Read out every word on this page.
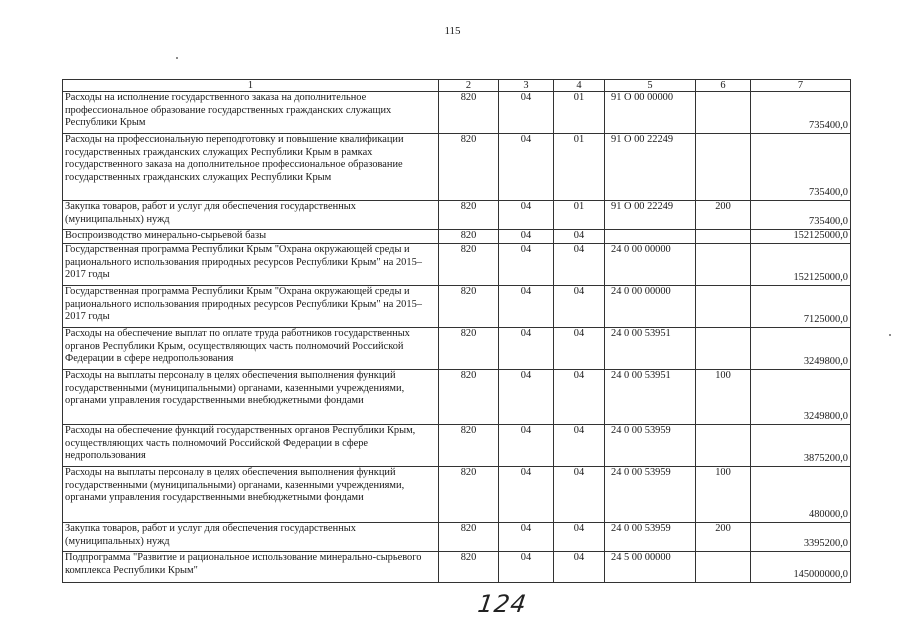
115
1	2	3	4	5	6	7
Расходы на исполнение государственного заказа на дополнительное профессиональное образование государственных гражданских служащих Республики Крым	820	04	01	91 О 00 00000		735400,0
Расходы на профессиональную переподготовку и повышение квалификации государственных гражданских служащих Республики Крым в рамках государственного заказа на дополнительное профессиональное образование государственных гражданских служащих Республики Крым	820	04	01	91 О 00 22249		735400,0
Закупка товаров, работ и услуг для обеспечения государственных (муниципальных) нужд	820	04	01	91 О 00 22249	200	735400,0
Воспроизводство минерально-сырьевой базы	820	04	04			152125000,0
Государственная программа Республики Крым "Охрана окружающей среды и рационального использования природных ресурсов Республики Крым" на 2015–2017 годы	820	04	04	24 0 00 00000		152125000,0
Государственная программа Республики Крым "Охрана окружающей среды и рационального использования природных ресурсов Республики Крым" на 2015–2017 годы	820	04	04	24 0 00 00000		7125000,0
Расходы на обеспечение выплат по оплате труда работников государственных органов Республики Крым, осуществляющих часть полномочий Российской Федерации в сфере недропользования	820	04	04	24 0 00 53951		3249800,0
Расходы на выплаты персоналу в целях обеспечения выполнения функций государственными (муниципальными) органами, казенными учреждениями, органами управления государственными внебюджетными фондами	820	04	04	24 0 00 53951	100	3249800,0
Расходы на обеспечение функций государственных органов Республики Крым, осуществляющих часть полномочий Российской Федерации в сфере недропользования	820	04	04	24 0 00 53959		3875200,0
Расходы на выплаты персоналу в целях обеспечения выполнения функций государственными (муниципальными) органами, казенными учреждениями, органами управления государственными внебюджетными фондами	820	04	04	24 0 00 53959	100	480000,0
Закупка товаров, работ и услуг для обеспечения государственных (муниципальных) нужд	820	04	04	24 0 00 53959	200	3395200,0
Подпрограмма "Развитие и рациональное использование минерально-сырьевого комплекса Республики Крым"	820	04	04	24 5 00 00000		145000000,0
124
